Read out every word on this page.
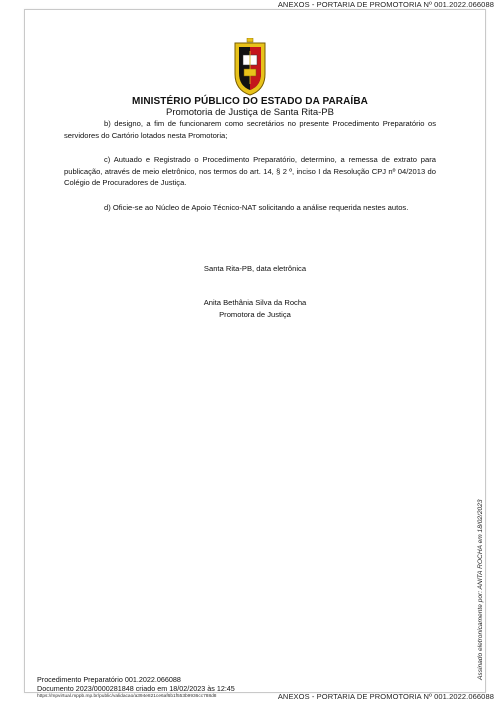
ANEXOS - PORTARIA DE PROMOTORIA Nº 001.2022.066088
MINISTÉRIO PÚBLICO DO ESTADO DA PARAÍBA
Promotoria de Justiça de Santa Rita-PB

b) designo, a fim de funcionarem como secretários no presente Procedimento Preparatório os servidores do Cartório lotados nesta Promotoria;

c) Autuado e Registrado o Procedimento Preparatório, determino, a remessa de extrato para publicação, através de meio eletrônico, nos termos do art. 14, § 2 º, inciso I da Resolução CPJ nº 04/2013 do Colégio de Procuradores de Justiça.

d) Oficie-se ao Núcleo de Apoio Técnico-NAT solicitando a análise requerida nestes autos.

Santa Rita-PB, data eletrônica
Anita Bethânia Silva da Rocha
Promotora de Justiça
Assinado eletronicamente por: ANITA ROCHA em 18/02/2023
Procedimento Preparatório 001.2022.066088
Documento 2023/0000281848 criado em 18/02/2023 às 12:45
https://mpvirtual.mppb.mp.br/public/validacao/a394e821ce6af6b1f553b9936cc788d8	ANEXOS - PORTARIA DE PROMOTORIA Nº 001.2022.066088
